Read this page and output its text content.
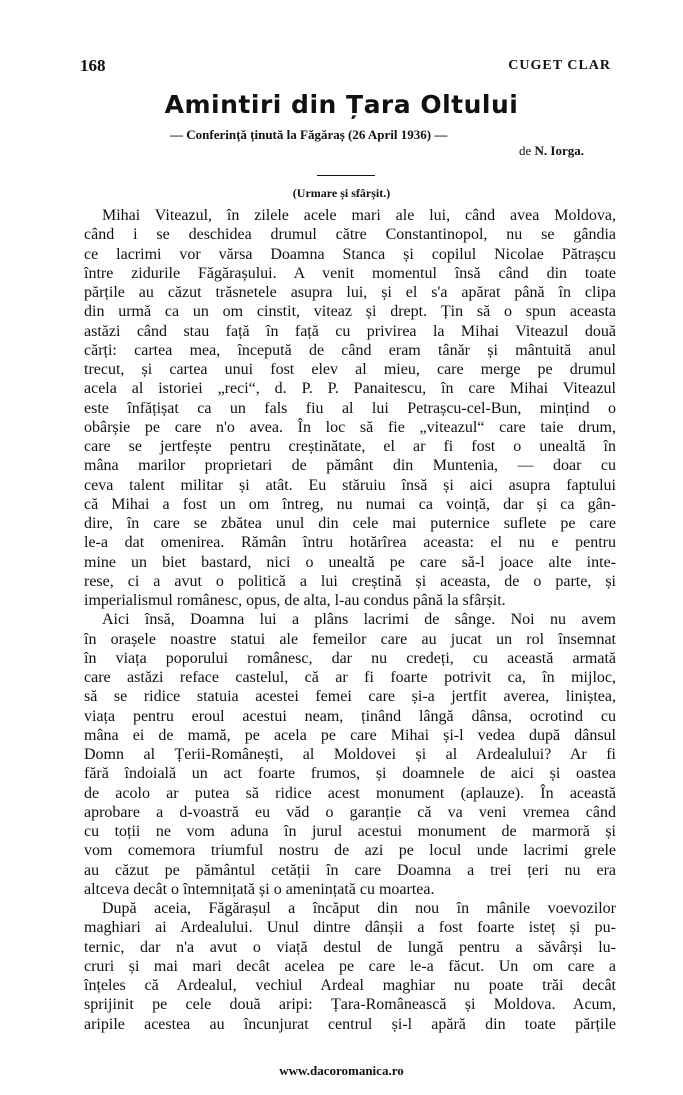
168	CUGET CLAR
Amintiri din Țara Oltului
— Conferință ținută la Făgăraș (26 April 1936) —
de N. Iorga.
(Urmare și sfârșit.)
Mihai Viteazul, în zilele acele mari ale lui, când avea Moldova,
când i se deschidea drumul către Constantinopol, nu se gândia
ce lacrimi vor vărsa Doamna Stanca și copilul Nicolae Pătrașcu
între zidurile Făgărașului. A venit momentul însă când din toate
părțile au căzut trăsnetele asupra lui, și el s'a apărat până în clipa
din urmă ca un om cinstit, viteaz și drept. Țin să o spun aceasta
astăzi când stau față în față cu privirea la Mihai Viteazul două
cărți: cartea mea, începută de când eram tânăr și mântuită anul
trecut, și cartea unui fost elev al mieu, care merge pe drumul
acela al istoriei „reci“, d. P. P. Panaitescu, în care Mihai Viteazul
este înfățișat ca un fals fiu al lui Petrașcu-cel-Bun, mințind o
obârșie pe care n'o avea. În loc să fie „viteazul“ care taie drum,
care se jertfește pentru creștinătate, el ar fi fost o unealtă în
mâna marilor proprietari de pământ din Muntenia, — doar cu
ceva talent militar și atât. Eu stăruiu însă și aici asupra faptului
că Mihai a fost un om întreg, nu numai ca voință, dar și ca gân-
dire, în care se zbătea unul din cele mai puternice suflete pe care
le-a dat omenirea. Rămân întru hotărîrea aceasta: el nu e pentru
mine un biet bastard, nici o unealtă pe care să-l joace alte inte-
rese, ci a avut o politică a lui creștină și aceasta, de o parte, și
imperialismul românesc, opus, de alta, l-au condus până la sfârșit.
Aici însă, Doamna lui a plâns lacrimi de sânge. Noi nu avem
în orașele noastre statui ale femeilor care au jucat un rol însemnat
în viața poporului românesc, dar nu credeți, cu această armată
care astăzi reface castelul, că ar fi foarte potrivit ca, în mijloc,
să se ridice statuia acestei femei care și-a jertfit averea, liniștea,
viața pentru eroul acestui neam, ținând lângă dânsa, ocrotind cu
mâna ei de mamă, pe acela pe care Mihai și-l vedea după dânsul
Domn al Țerii-Românești, al Moldovei și al Ardealului? Ar fi
fără îndoială un act foarte frumos, și doamnele de aici și oastea
de acolo ar putea să ridice acest monument (aplauze). În această
aprobare a d-voastră eu văd o garanție că va veni vremea când
cu toții ne vom aduna în jurul acestui monument de marmoră și
vom comemora triumful nostru de azi pe locul unde lacrimi grele
au căzut pe pământul cetății în care Doamna a trei țeri nu era
altceva decât o întemnițată și o amenințată cu moartea.
După aceia, Făgărașul a încăput din nou în mânile voevozilor
maghiari ai Ardealului. Unul dintre dânșii a fost foarte isteț și pu-
ternic, dar n'a avut o viață destul de lungă pentru a săvârși lu-
cruri și mai mari decât acelea pe care le-a făcut. Un om care a
înțeles că Ardealul, vechiul Ardeal maghiar nu poate trăi decât
sprijinit pe cele două aripi: Țara-Românească și Moldova. Acum,
aripile acestea au încunjurat centrul și-l apără din toate părțile
www.dacoromanica.ro
